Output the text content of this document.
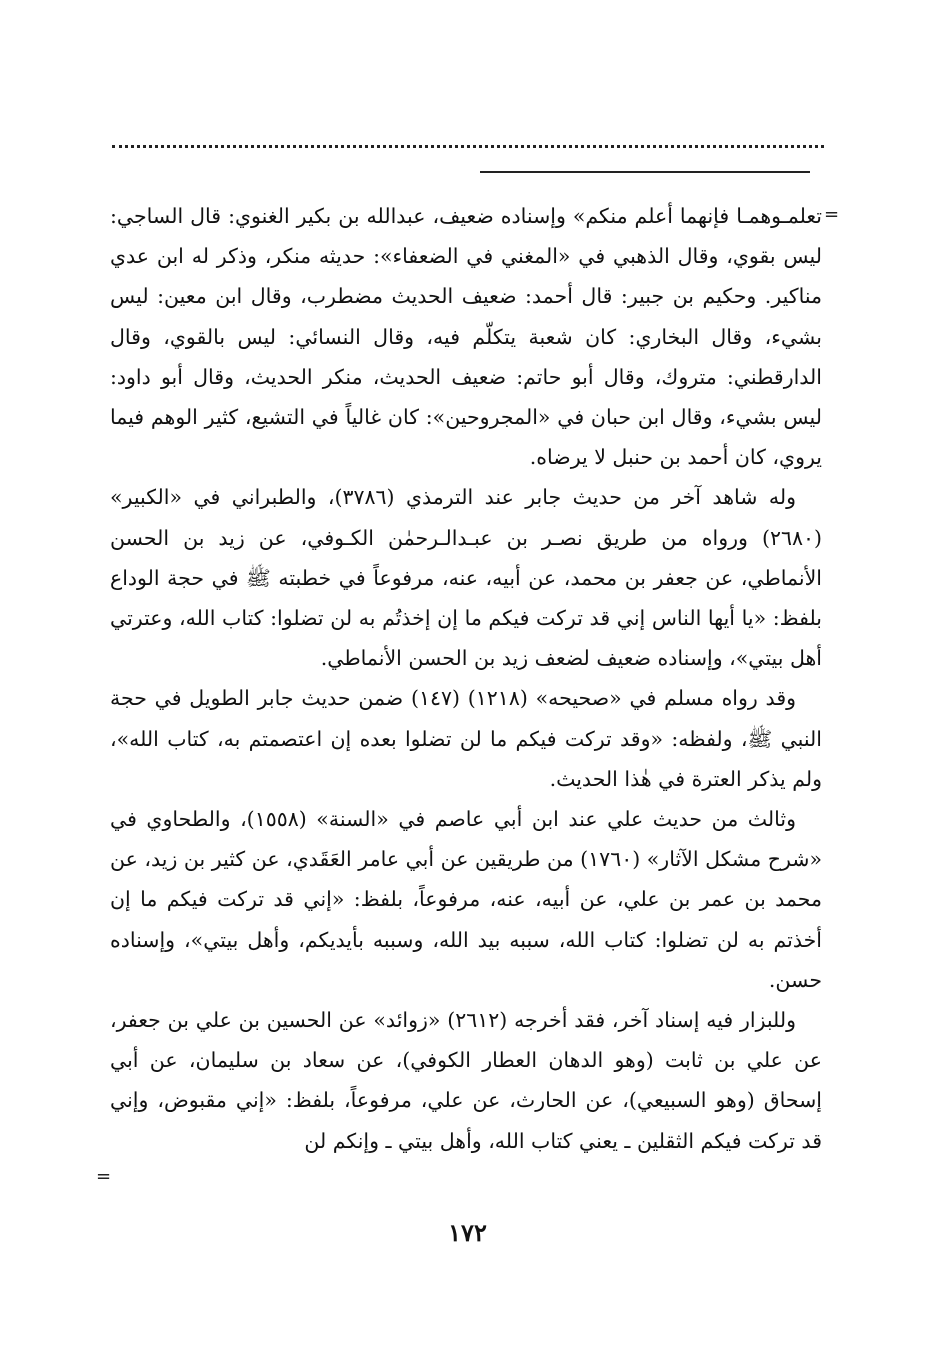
=

تعلمـوهمـا فإنهما أعلم منكم» وإسناده ضعيف، عبدالله بن بكير الغنوي: قال الساجي: ليس بقوي، وقال الذهبي في «المغني في الضعفاء»: حديثه منكر، وذكر له ابن عدي مناكير. وحكيم بن جبير: قال أحمد: ضعيف الحديث مضطرب، وقال ابن معين: ليس بشيء، وقال البخاري: كان شعبة يتكلّم فيه، وقال النسائي: ليس بالقوي، وقال الدارقطني: متروك، وقال أبو حاتم: ضعيف الحديث، منكر الحديث، وقال أبو داود: ليس بشيء، وقال ابن حبان في «المجروحين»: كان غالياً في التشيع، كثير الوهم فيما يروي، كان أحمد بن حنبل لا يرضاه.

وله شاهد آخر من حديث جابر عند الترمذي (٣٧٨٦)، والطبراني في «الكبير» (٢٦٨٠) ورواه من طريق نصـر بن عبـدالـرحمٰن الكـوفي، عن زيد بن الحسن الأنماطي، عن جعفر بن محمد، عن أبيه، عنه، مرفوعاً في خطبته ﷺ في حجة الوداع بلفظ: «يا أيها الناس إني قد تركت فيكم ما إن إخذتُم به لن تضلوا: كتاب الله، وعترتي أهل بيتي»، وإسناده ضعيف لضعف زيد بن الحسن الأنماطي.

وقد رواه مسلم في «صحيحه» (١٢١٨) (١٤٧) ضمن حديث جابر الطويل في حجة النبي ﷺ، ولفظه: «وقد تركت فيكم ما لن تضلوا بعده إن اعتصمتم به، كتاب الله»، ولم يذكر العترة في هٰذا الحديث.

وثالث من حديث علي عند ابن أبي عاصم في «السنة» (١٥٥٨)، والطحاوي في «شرح مشكل الآثار» (١٧٦٠) من طريقين عن أبي عامر العَقَدي، عن كثير بن زيد، عن محمد بن عمر بن علي، عن أبيه، عنه، مرفوعاً، بلفظ: «إني قد تركت فيكم ما إن أخذتم به لن تضلوا: كتاب الله، سببه بيد الله، وسببه بأيديكم، وأهل بيتي»، وإسناده حسن.

وللبزار فيه إسناد آخر، فقد أخرجه (٢٦١٢) «زوائد» عن الحسين بن علي بن جعفر، عن علي بن ثابت (وهو الدهان العطار الكوفي)، عن سعاد بن سليمان، عن أبي إسحاق (وهو السبيعي)، عن الحارث، عن علي، مرفوعاً، بلفظ: «إني مقبوض، وإني قد تركت فيكم الثقلين ـ يعني كتاب الله، وأهل بيتي ـ وإنكم لن

=
١٧٢
